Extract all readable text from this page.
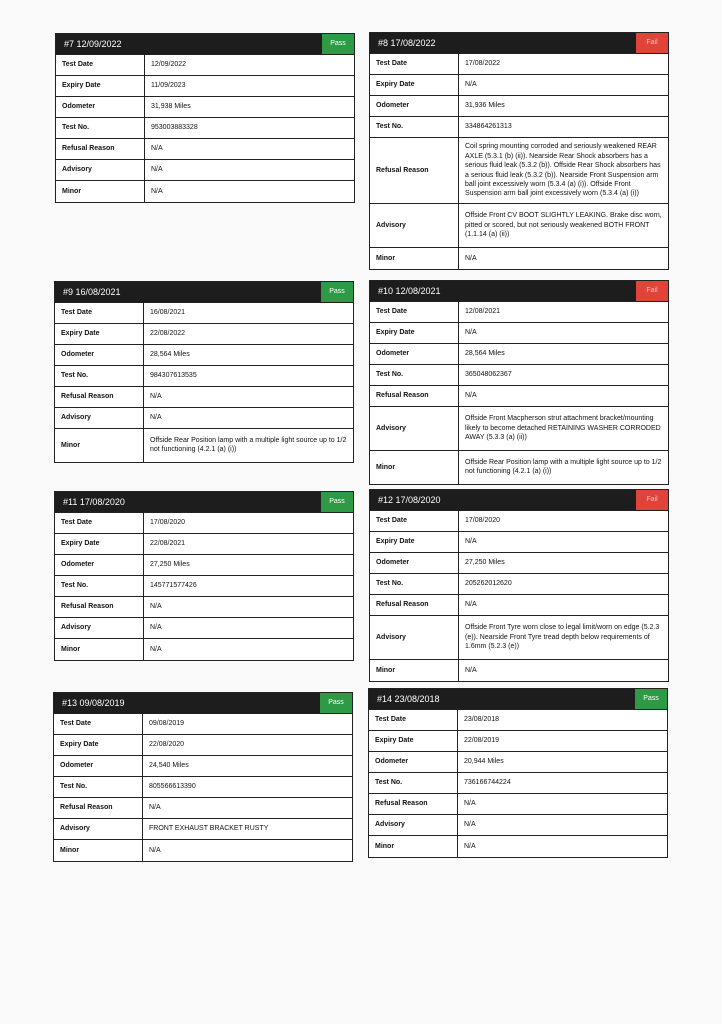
#7 12/09/2022	Pass
Test Date	12/09/2022
Expiry Date	11/09/2023
Odometer	31,938 Miles
Test No.	953003883328
Refusal Reason	N/A
Advisory	N/A
Minor	N/A
#8 17/08/2022	Fail
Test Date	17/08/2022
Expiry Date	N/A
Odometer	31,936 Miles
Test No.	334864261313
Refusal Reason	Coil spring mounting corroded and seriously weakened REAR AXLE (5.3.1 (b) (ii)). Nearside Rear Shock absorbers has a serious fluid leak (5.3.2 (b)). Offside Rear Shock absorbers has a serious fluid leak (5.3.2 (b)). Nearside Front Suspension arm ball joint excessively worn (5.3.4 (a) (i)). Offside Front Suspension arm ball joint excessively worn (5.3.4 (a) (i))
Advisory	Offside Front CV BOOT SLIGHTLY LEAKING. Brake disc worn, pitted or scored, but not seriously weakened BOTH FRONT (1.1.14 (a) (ii))
Minor	N/A
#9 16/08/2021	Pass
Test Date	16/08/2021
Expiry Date	22/08/2022
Odometer	28,564 Miles
Test No.	984307613535
Refusal Reason	N/A
Advisory	N/A
Minor	Offside Rear Position lamp with a multiple light source up to 1/2 not functioning (4.2.1 (a) (i))
#10 12/08/2021	Fail
Test Date	12/08/2021
Expiry Date	N/A
Odometer	28,564 Miles
Test No.	365048062367
Refusal Reason	N/A
Advisory	Offside Front Macpherson strut attachment bracket/mounting likely to become detached RETAINING WASHER CORRODED AWAY (5.3.3 (a) (ii))
Minor	Offside Rear Position lamp with a multiple light source up to 1/2 not functioning (4.2.1 (a) (i))
#11 17/08/2020	Pass
Test Date	17/08/2020
Expiry Date	22/08/2021
Odometer	27,250 Miles
Test No.	145771577426
Refusal Reason	N/A
Advisory	N/A
Minor	N/A
#12 17/08/2020	Fail
Test Date	17/08/2020
Expiry Date	N/A
Odometer	27,250 Miles
Test No.	205262012620
Refusal Reason	N/A
Advisory	Offside Front Tyre worn close to legal limit/worn on edge (5.2.3 (e)). Nearside Front Tyre tread depth below requirements of 1.6mm (5.2.3 (e))
Minor	N/A
#13 09/08/2019	Pass
Test Date	09/08/2019
Expiry Date	22/08/2020
Odometer	24,540 Miles
Test No.	805566613390
Refusal Reason	N/A
Advisory	FRONT EXHAUST BRACKET RUSTY
Minor	N/A
#14 23/08/2018	Pass
Test Date	23/08/2018
Expiry Date	22/08/2019
Odometer	20,944 Miles
Test No.	736166744224
Refusal Reason	N/A
Advisory	N/A
Minor	N/A
